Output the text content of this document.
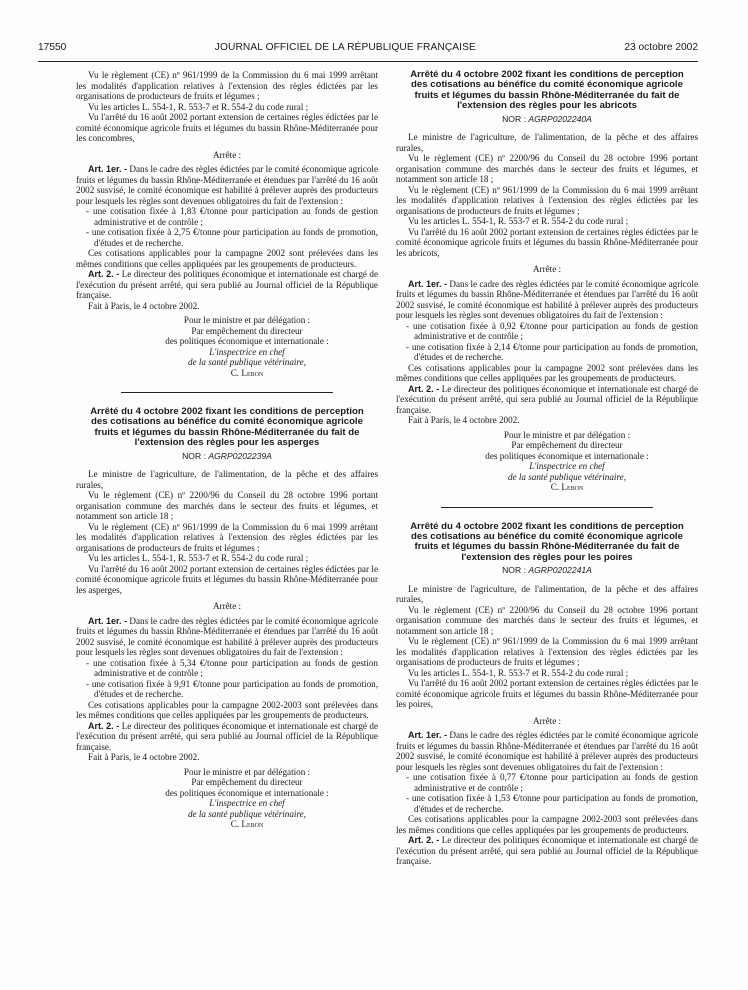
17550	JOURNAL OFFICIEL DE LA RÉPUBLIQUE FRANÇAISE	23 octobre 2002

Vu le règlement (CE) nº 961/1999 de la Commission du 6 mai 1999 arrêtant les modalités d'application relatives à l'extension des règles édictées par les organisations de producteurs de fruits et légumes ;

Vu les articles L. 554-1, R. 553-7 et R. 554-2 du code rural ;

Vu l'arrêté du 16 août 2002 portant extension de certaines règles édictées par le comité économique agricole fruits et légumes du bassin Rhône-Méditerranée pour les concombres,

Arrête :

Art. 1er. - Dans le cadre des règles édictées par le comité économique agricole fruits et légumes du bassin Rhône-Méditerranée et étendues par l'arrêté du 16 août 2002 susvisé, le comité économique est habilité à prélever auprès des producteurs pour lesquels les règles sont devenues obligatoires du fait de l'extension :

- une cotisation fixée à 1,83 €/tonne pour participation au fonds de gestion administrative et de contrôle ;
- une cotisation fixée à 2,75 €/tonne pour participation au fonds de promotion, d'études et de recherche.

Ces cotisations applicables pour la campagne 2002 sont prélevées dans les mêmes conditions que celles appliquées par les groupements de producteurs.

Art. 2. - Le directeur des politiques économique et internationale est chargé de l'exécution du présent arrêté, qui sera publié au Journal officiel de la République française.

Fait à Paris, le 4 octobre 2002.

Pour le ministre et par délégation :
Par empêchement du directeur
des politiques économique et internationale :
L'inspectrice en chef
de la santé publique vétérinaire,
C. Lebon
Arrêté du 4 octobre 2002 fixant les conditions de perception des cotisations au bénéfice du comité économique agricole fruits et légumes du bassin Rhône-Méditerranée du fait de l'extension des règles pour les asperges
NOR : AGRP0202239A

Le ministre de l'agriculture, de l'alimentation, de la pêche et des affaires rurales,

Vu le règlement (CE) nº 2200/96 du Conseil du 28 octobre 1996 portant organisation commune des marchés dans le secteur des fruits et légumes, et notamment son article 18 ;

Vu le règlement (CE) nº 961/1999 de la Commission du 6 mai 1999 arrêtant les modalités d'application relatives à l'extension des règles édictées par les organisations de producteurs de fruits et légumes ;

Vu les articles L. 554-1, R. 553-7 et R. 554-2 du code rural ;

Vu l'arrêté du 16 août 2002 portant extension de certaines règles édictées par le comité économique agricole fruits et légumes du bassin Rhône-Méditerranée pour les asperges,

Arrête :

Art. 1er. - Dans le cadre des règles édictées par le comité économique agricole fruits et légumes du bassin Rhône-Méditerranée et étendues par l'arrêté du 16 août 2002 susvisé, le comité économique est habilité à prélever auprès des producteurs pour lesquels les règles sont devenues obligatoires du fait de l'extension :

- une cotisation fixée à 5,34 €/tonne pour participation au fonds de gestion administrative et de contrôle ;
- une cotisation fixée à 9,91 €/tonne pour participation au fonds de promotion, d'études et de recherche.

Ces cotisations applicables pour la campagne 2002-2003 sont prélevées dans les mêmes conditions que celles appliquées par les groupements de producteurs.

Art. 2. - Le directeur des politiques économique et internationale est chargé de l'exécution du présent arrêté, qui sera publié au Journal officiel de la République française.

Fait à Paris, le 4 octobre 2002.

Pour le ministre et par délégation :
Par empêchement du directeur
des politiques économique et internationale :
L'inspectrice en chef
de la santé publique vétérinaire,
C. Lebon
Arrêté du 4 octobre 2002 fixant les conditions de perception des cotisations au bénéfice du comité économique agricole fruits et légumes du bassin Rhône-Méditerranée du fait de l'extension des règles pour les abricots
NOR : AGRP0202240A

Le ministre de l'agriculture, de l'alimentation, de la pêche et des affaires rurales,

Vu le règlement (CE) nº 2200/96 du Conseil du 28 octobre 1996 portant organisation commune des marchés dans le secteur des fruits et légumes, et notamment son article 18 ;

Vu le règlement (CE) nº 961/1999 de la Commission du 6 mai 1999 arrêtant les modalités d'application relatives à l'extension des règles édictées par les organisations de producteurs de fruits et légumes ;

Vu les articles L. 554-1, R. 553-7 et R. 554-2 du code rural ;

Vu l'arrêté du 16 août 2002 portant extension de certaines règles édictées par le comité économique agricole fruits et légumes du bassin Rhône-Méditerranée pour les abricots,

Arrête :

Art. 1er. - Dans le cadre des règles édictées par le comité économique agricole fruits et légumes du bassin Rhône-Méditerranée et étendues par l'arrêté du 16 août 2002 susvisé, le comité économique est habilité à prélever auprès des producteurs pour lesquels les règles sont devenues obligatoires du fait de l'extension :

- une cotisation fixée à 0,92 €/tonne pour participation au fonds de gestion administrative et de contrôle ;
- une cotisation fixée à 2,14 €/tonne pour participation au fonds de promotion, d'études et de recherche.

Ces cotisations applicables pour la campagne 2002 sont prélevées dans les mêmes conditions que celles appliquées par les groupements de producteurs.

Art. 2. - Le directeur des politiques économique et internationale est chargé de l'exécution du présent arrêté, qui sera publié au Journal officiel de la République française.

Fait à Paris, le 4 octobre 2002.

Pour le ministre et par délégation :
Par empêchement du directeur
des politiques économique et internationale :
L'inspectrice en chef
de la santé publique vétérinaire,
C. Lebon
Arrêté du 4 octobre 2002 fixant les conditions de perception des cotisations au bénéfice du comité économique agricole fruits et légumes du bassin Rhône-Méditerranée du fait de l'extension des règles pour les poires
NOR : AGRP0202241A

Le ministre de l'agriculture, de l'alimentation, de la pêche et des affaires rurales,

Vu le règlement (CE) nº 2200/96 du Conseil du 28 octobre 1996 portant organisation commune des marchés dans le secteur des fruits et légumes, et notamment son article 18 ;

Vu le règlement (CE) nº 961/1999 de la Commission du 6 mai 1999 arrêtant les modalités d'application relatives à l'extension des règles édictées par les organisations de producteurs de fruits et légumes ;

Vu les articles L. 554-1, R. 553-7 et R. 554-2 du code rural ;

Vu l'arrêté du 16 août 2002 portant extension de certaines règles édictées par le comité économique agricole fruits et légumes du bassin Rhône-Méditerranée pour les poires,

Arrête :

Art. 1er. - Dans le cadre des règles édictées par le comité économique agricole fruits et légumes du bassin Rhône-Méditerranée et étendues par l'arrêté du 16 août 2002 susvisé, le comité économique est habilité à prélever auprès des producteurs pour lesquels les règles sont devenues obligatoires du fait de l'extension :

- une cotisation fixée à 0,77 €/tonne pour participation au fonds de gestion administrative et de contrôle ;
- une cotisation fixée à 1,53 €/tonne pour participation au fonds de promotion, d'études et de recherche.

Ces cotisations applicables pour la campagne 2002-2003 sont prélevées dans les mêmes conditions que celles appliquées par les groupements de producteurs.

Art. 2. - Le directeur des politiques économique et internationale est chargé de l'exécution du présent arrêté, qui sera publié au Journal officiel de la République française.
